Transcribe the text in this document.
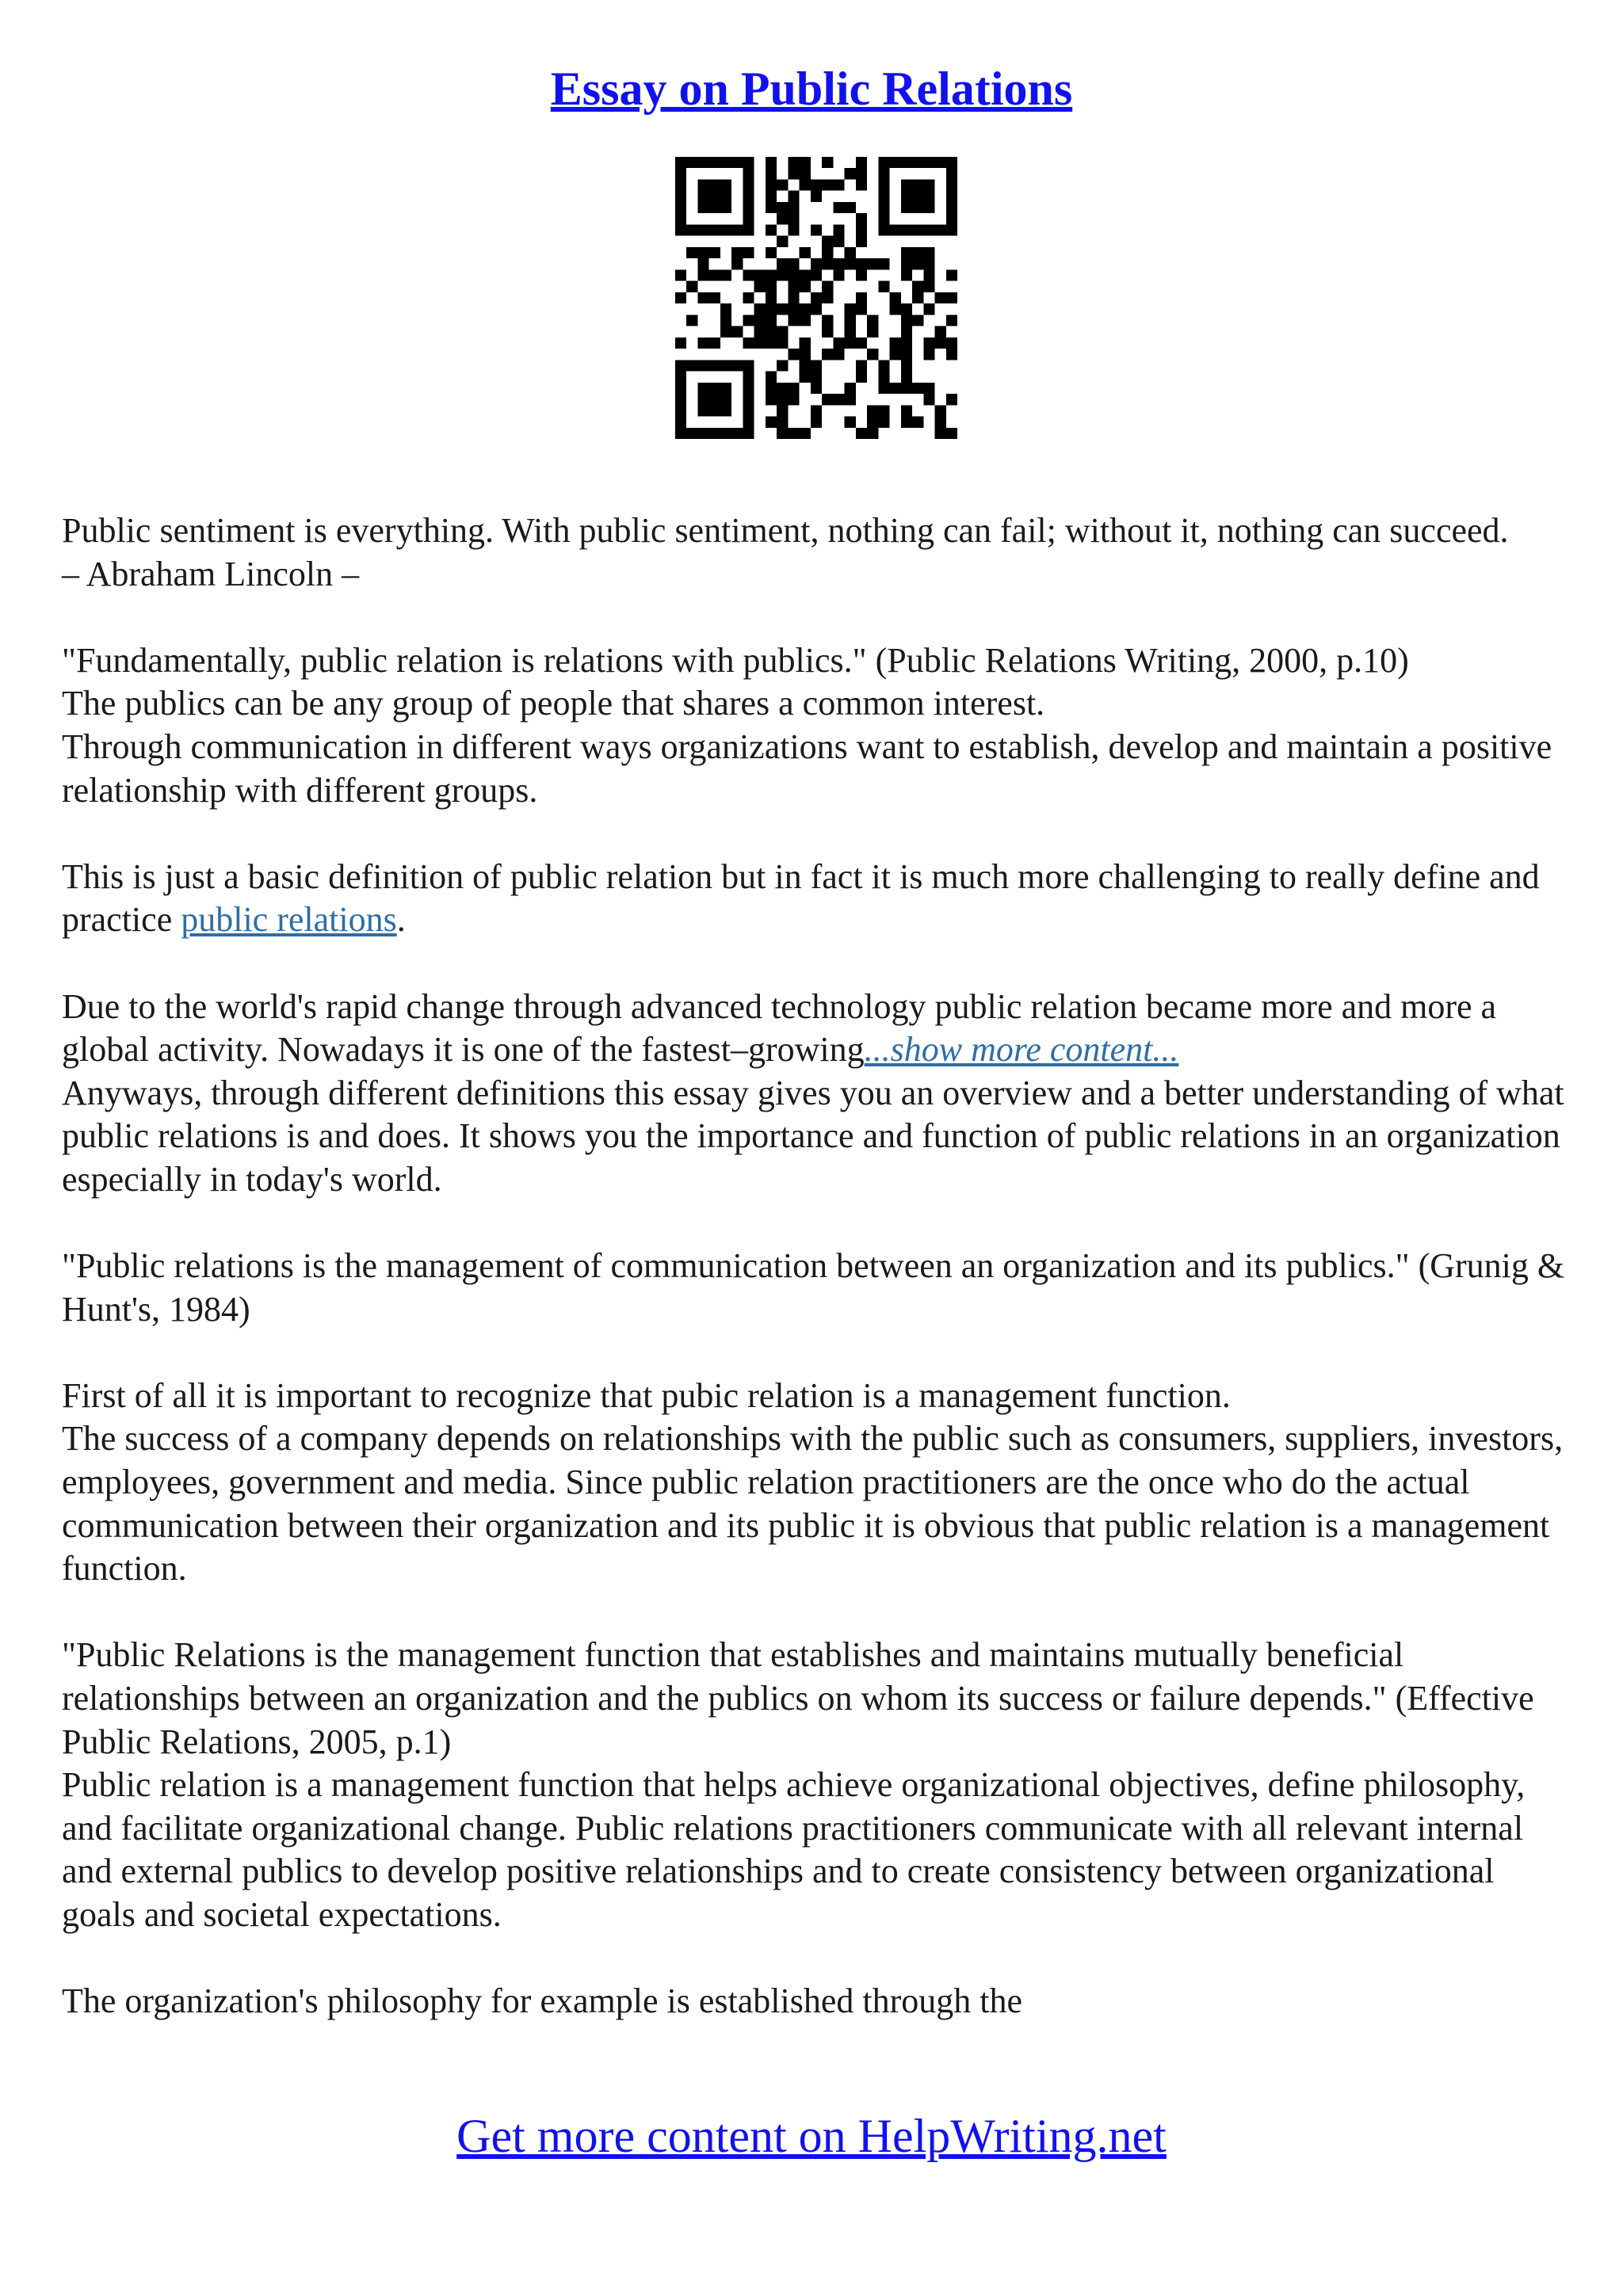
Essay on Public Relations

Public sentiment is everything. With public sentiment, nothing can fail; without it, nothing can succeed.
– Abraham Lincoln –

"Fundamentally, public relation is relations with publics." (Public Relations Writing, 2000, p.10)
The publics can be any group of people that shares a common interest.
Through communication in different ways organizations want to establish, develop and maintain a positive relationship with different groups.

This is just a basic definition of public relation but in fact it is much more challenging to really define and practice public relations.

Due to the world's rapid change through advanced technology public relation became more and more a global activity. Nowadays it is one of the fastest–growing...show more content...
Anyways, through different definitions this essay gives you an overview and a better understanding of what public relations is and does. It shows you the importance and function of public relations in an organization especially in today's world.

"Public relations is the management of communication between an organization and its publics." (Grunig & Hunt's, 1984)

First of all it is important to recognize that pubic relation is a management function.
The success of a company depends on relationships with the public such as consumers, suppliers, investors, employees, government and media. Since public relation practitioners are the once who do the actual communication between their organization and its public it is obvious that public relation is a management function.

"Public Relations is the management function that establishes and maintains mutually beneficial relationships between an organization and the publics on whom its success or failure depends." (Effective Public Relations, 2005, p.1)
Public relation is a management function that helps achieve organizational objectives, define philosophy, and facilitate organizational change. Public relations practitioners communicate with all relevant internal and external publics to develop positive relationships and to create consistency between organizational goals and societal expectations.

The organization's philosophy for example is established through the

Get more content on HelpWriting.net
